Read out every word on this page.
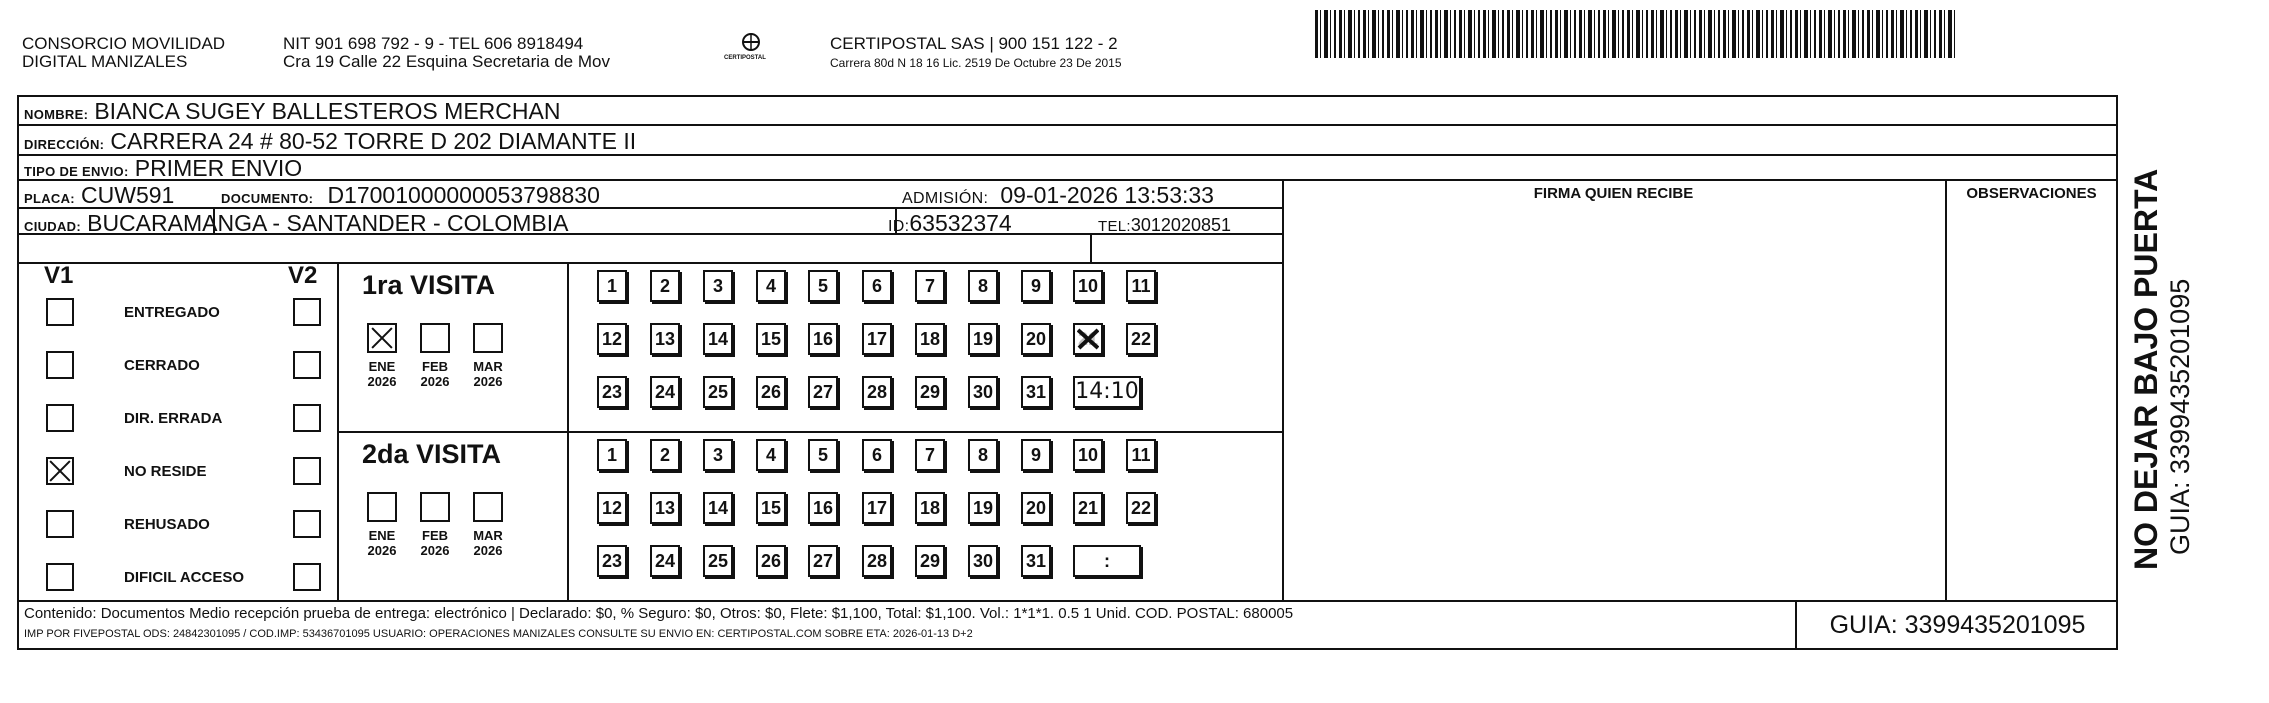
CONSORCIO MOVILIDAD
DIGITAL MANIZALES
NIT 901 698 792 - 9 - TEL 606 8918494
Cra 19 Calle 22 Esquina Secretaria de Mov	CERTIPOSTAL
CERTIPOSTAL SAS | 900 151 122 - 2
Carrera 80d N 18 16 Lic. 2519 De Octubre 23 De 2015
NOMBRE: BIANCA SUGEY BALLESTEROS MERCHAN
DIRECCIÓN: CARRERA 24 # 80-52 TORRE D 202 DIAMANTE II
TIPO DE ENVIO: PRIMER ENVIO
FIRMA QUIEN RECIBE	OBSERVACIONES
PLACA: CUW591	DOCUMENTO: D17001000000053798830	ADMISIÓN: 09-01-2026 13:53:33
CIUDAD: BUCARAMANGA - SANTANDER - COLOMBIA	ID:63532374	TEL:3012020851
V1	V2
ENTREGADO
CERRADO
DIR. ERRADA
NO RESIDE
REHUSADO
DIFICIL ACCESO
1ra VISITA
ENE
2026
FEB
2026
MAR
2026
1	2	3	4	5	6	7	8	9	10	11
12 13 14 15 16 17 18 19 20 21 22
23 24 25 26 27 28 29 30 31 14:10
2da VISITA
ENE
2026
FEB
2026
MAR
2026
1	2	3	4	5	6	7	8	9	10	11
12 13 14 15 16 17 18 19 20 21 22
23 24 25 26 27 28 29 30 31	:
Contenido: Documentos Medio recepción prueba de entrega: electrónico | Declarado: $0, % Seguro: $0, Otros: $0, Flete: $1,100, Total: $1,100. Vol.: 1*1*1. 0.5 1 Unid. COD. POSTAL: 680005
IMP POR FIVEPOSTAL ODS: 24842301095 / COD.IMP: 53436701095 USUARIO: OPERACIONES MANIZALES CONSULTE SU ENVIO EN: CERTIPOSTAL.COM SOBRE ETA: 2026-01-13 D+2	GUIA: 3399435201095
NO DEJAR BAJO PUERTA GUIA: 3399435201095
